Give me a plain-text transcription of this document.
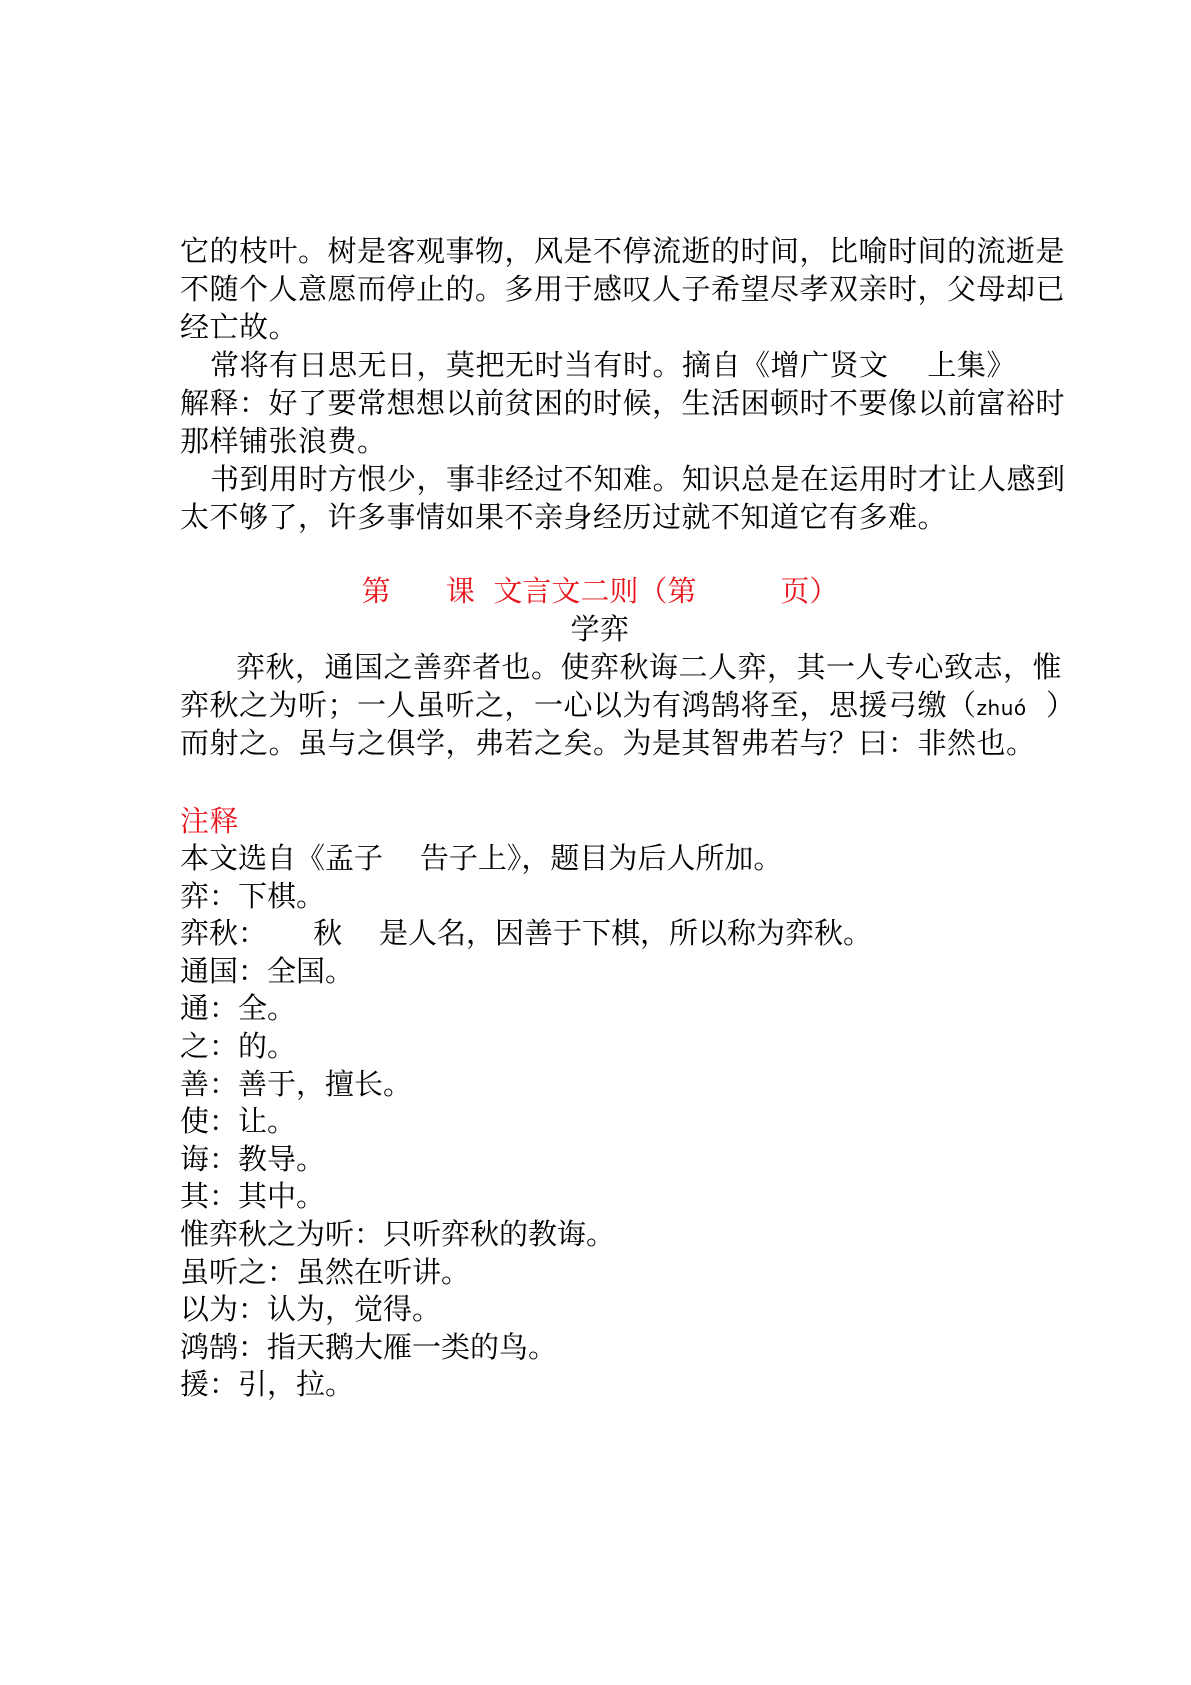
它的枝叶。树是客观事物，风是不停流逝的时间，比喻时间的流逝是
不随个人意愿而停止的。多用于感叹人子希望尽孝双亲时，父母却已
经亡故。
常将有日思无日，莫把无时当有时。摘自《增广贤文    上集》
解释：好了要常想想以前贫困的时候，生活困顿时不要像以前富裕时
那样铺张浪费。
书到用时方恨少，事非经过不知难。知识总是在运用时才让人感到
太不够了，许多事情如果不亲身经历过就不知道它有多难。
第      课  文言文二则（第	页）
学弈
弈秋，通国之善弈者也。使弈秋诲二人弈，其一人专心致志，惟
弈秋之为听；一人虽听之，一心以为有鸿鹄将至，思援弓缴（zhuó  ）
而射之。虽与之俱学，弗若之矣。为是其智弗若与？曰：非然也。
注释
本文选自《孟子    告子上》，题目为后人所加。
弈：下棋。
弈秋：     秋    是人名，因善于下棋，所以称为弈秋。
通国：全国。
通：全。
之：的。
善：善于，擅长。
使：让。
诲：教导。
其：其中。
惟弈秋之为听：只听弈秋的教诲。
虽听之：虽然在听讲。
以为：认为，觉得。
鸿鹄：指天鹅大雁一类的鸟。
援：引，拉。
